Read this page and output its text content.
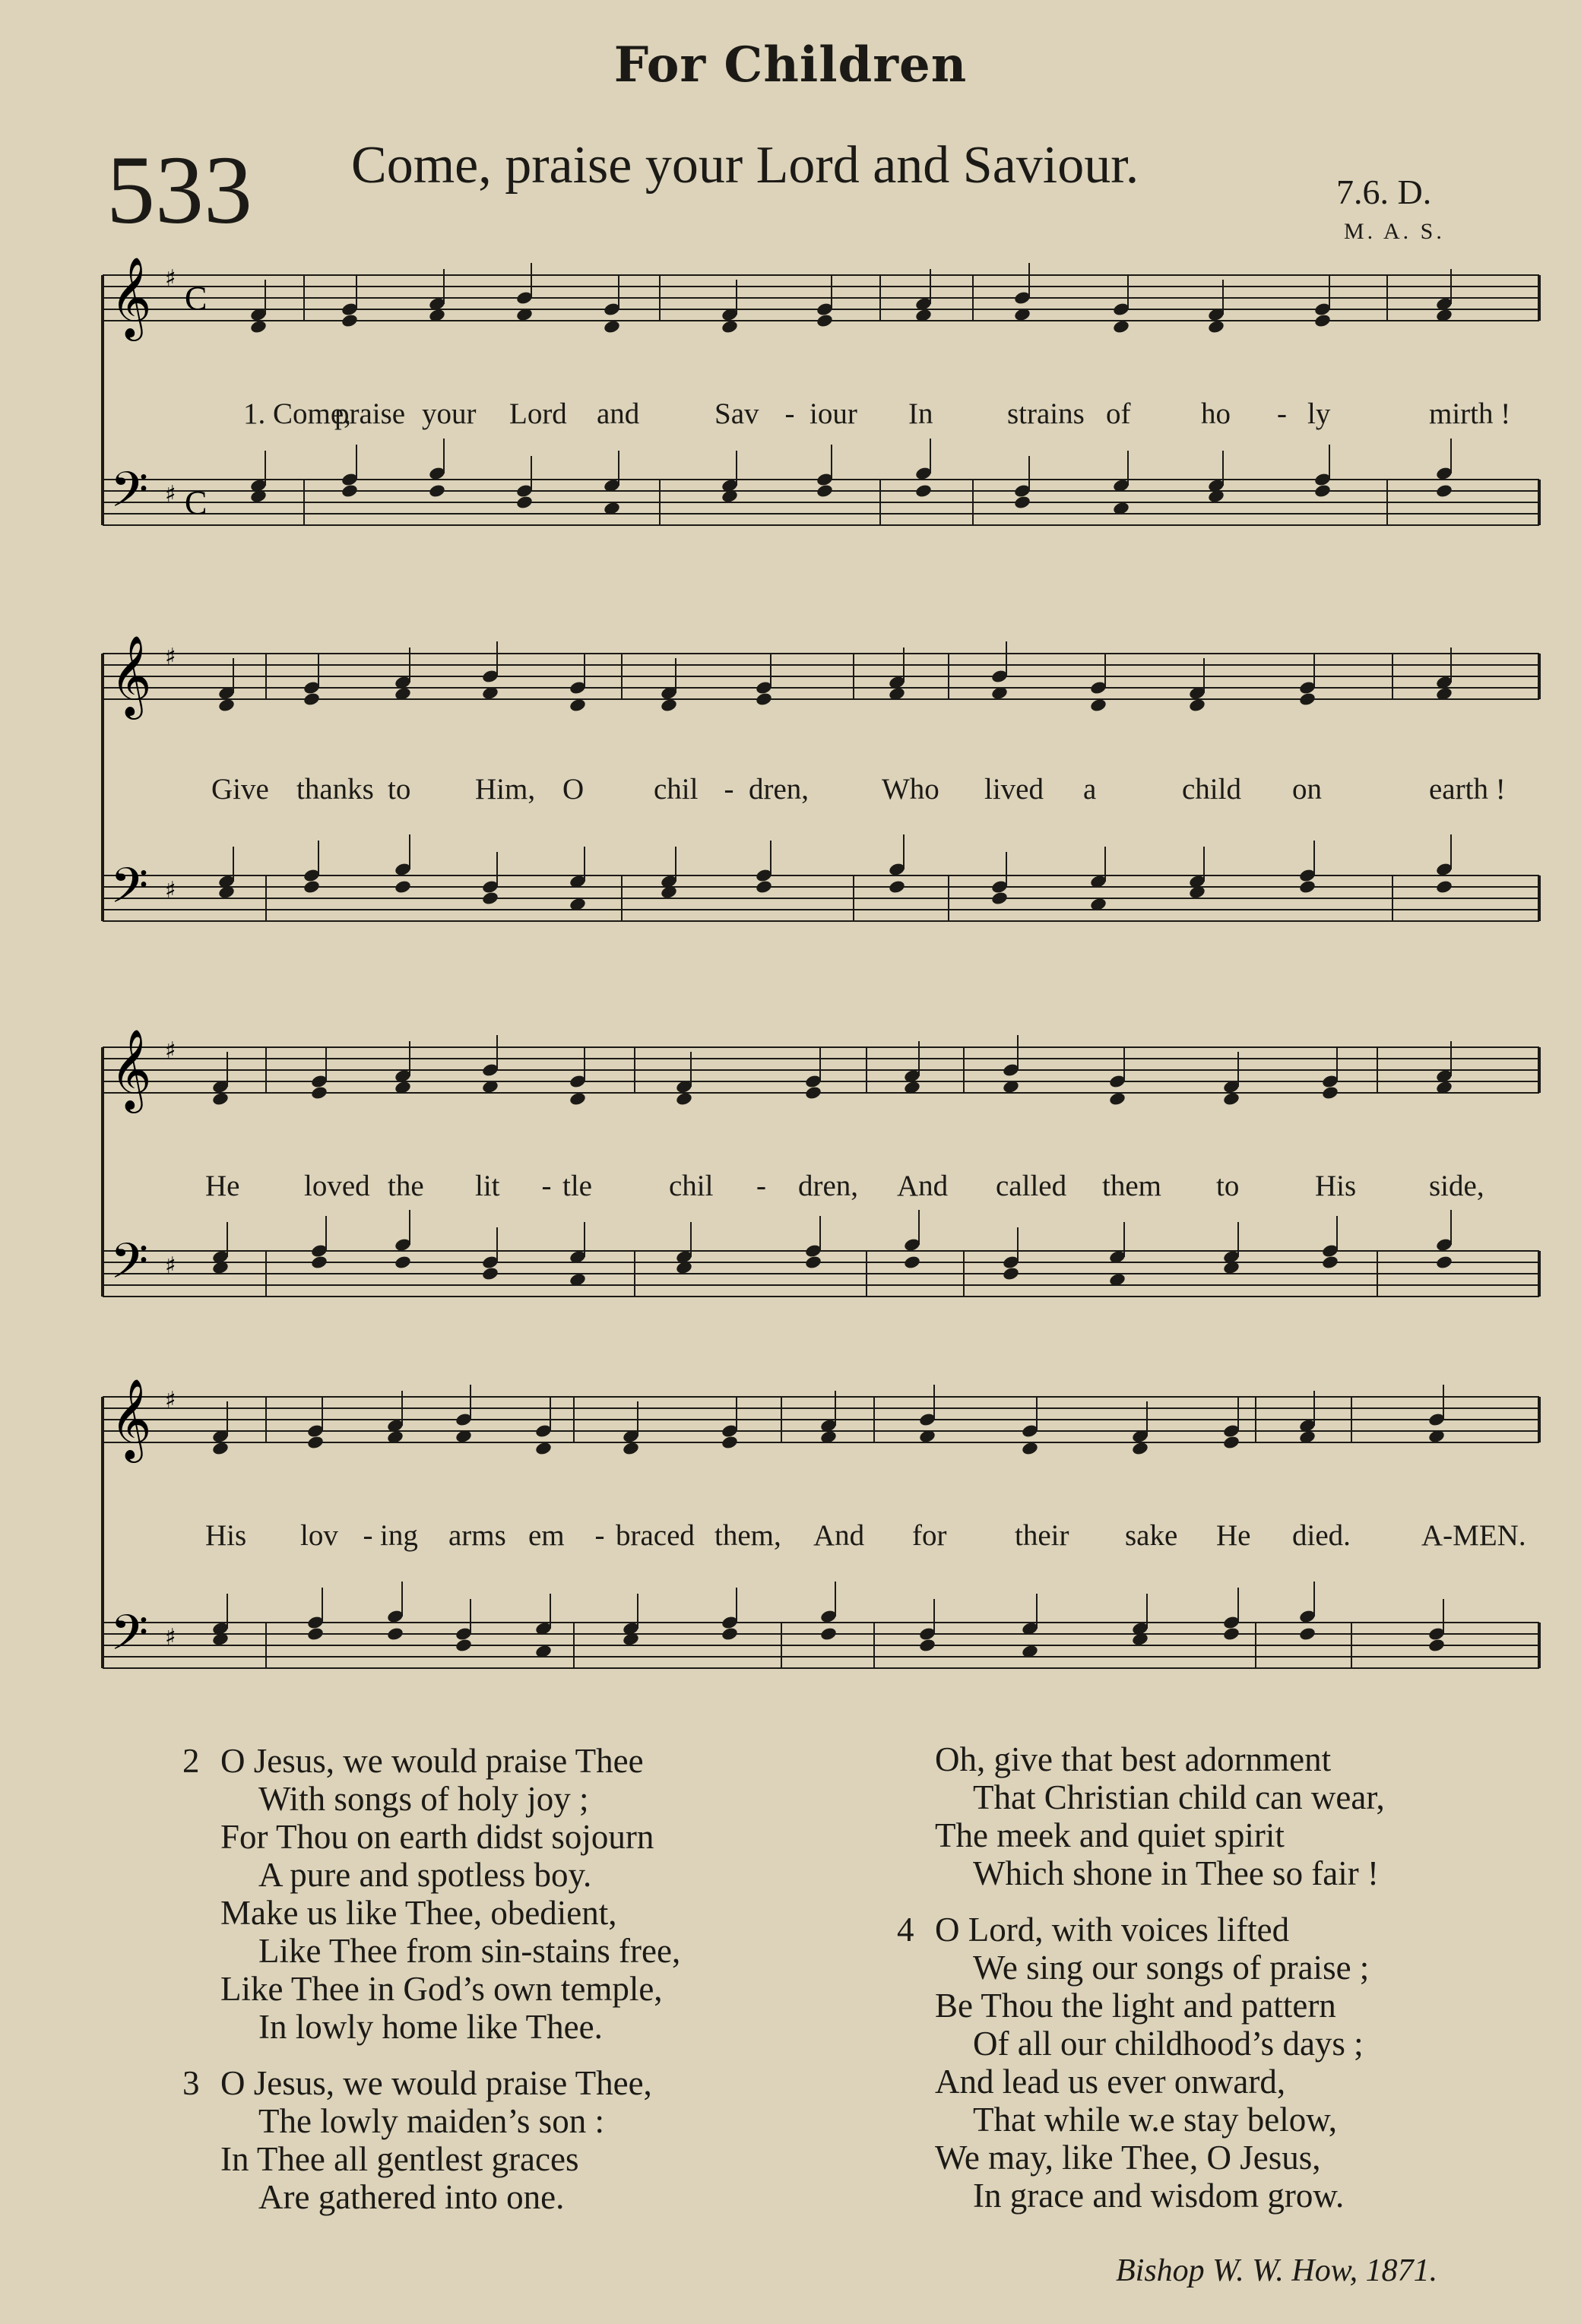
For Children
533 Come, praise your Lord and Saviour.	7.6. D.
M. A. S.
𝄞
𝄢
♯
♯
C
C
𝄞
𝄢
♯
♯
𝄞
𝄢
♯
♯
𝄞
𝄢
♯
♯
1. Come,
praise your Lord and	Sav - iour In	strains of ho - ly	mirth !
Give thanks to Him, O chil - dren, Who lived a	child on	earth !
He loved the lit - tle	chil - dren, And called them to	His side,
His lov - ing arms em - braced them, And for their sake He died. A-MEN.
2 O Jesus, we would praise Thee
With songs of holy joy ;
For Thou on earth didst sojourn
A pure and spotless boy.
Make us like Thee, obedient,
Like Thee from sin-stains free,
Like Thee in God’s own temple,
In lowly home like Thee.
3 O Jesus, we would praise Thee,
The lowly maiden’s son :
In Thee all gentlest graces
Are gathered into one.
Oh, give that best adornment
That Christian child can wear,
The meek and quiet spirit
Which shone in Thee so fair !
4 O Lord, with voices lifted
We sing our songs of praise ;
Be Thou the light and pattern
Of all our childhood’s days ;
And lead us ever onward,
That while w.e stay below,
We may, like Thee, O Jesus,
In grace and wisdom grow.
Bishop W. W. How, 1871.
